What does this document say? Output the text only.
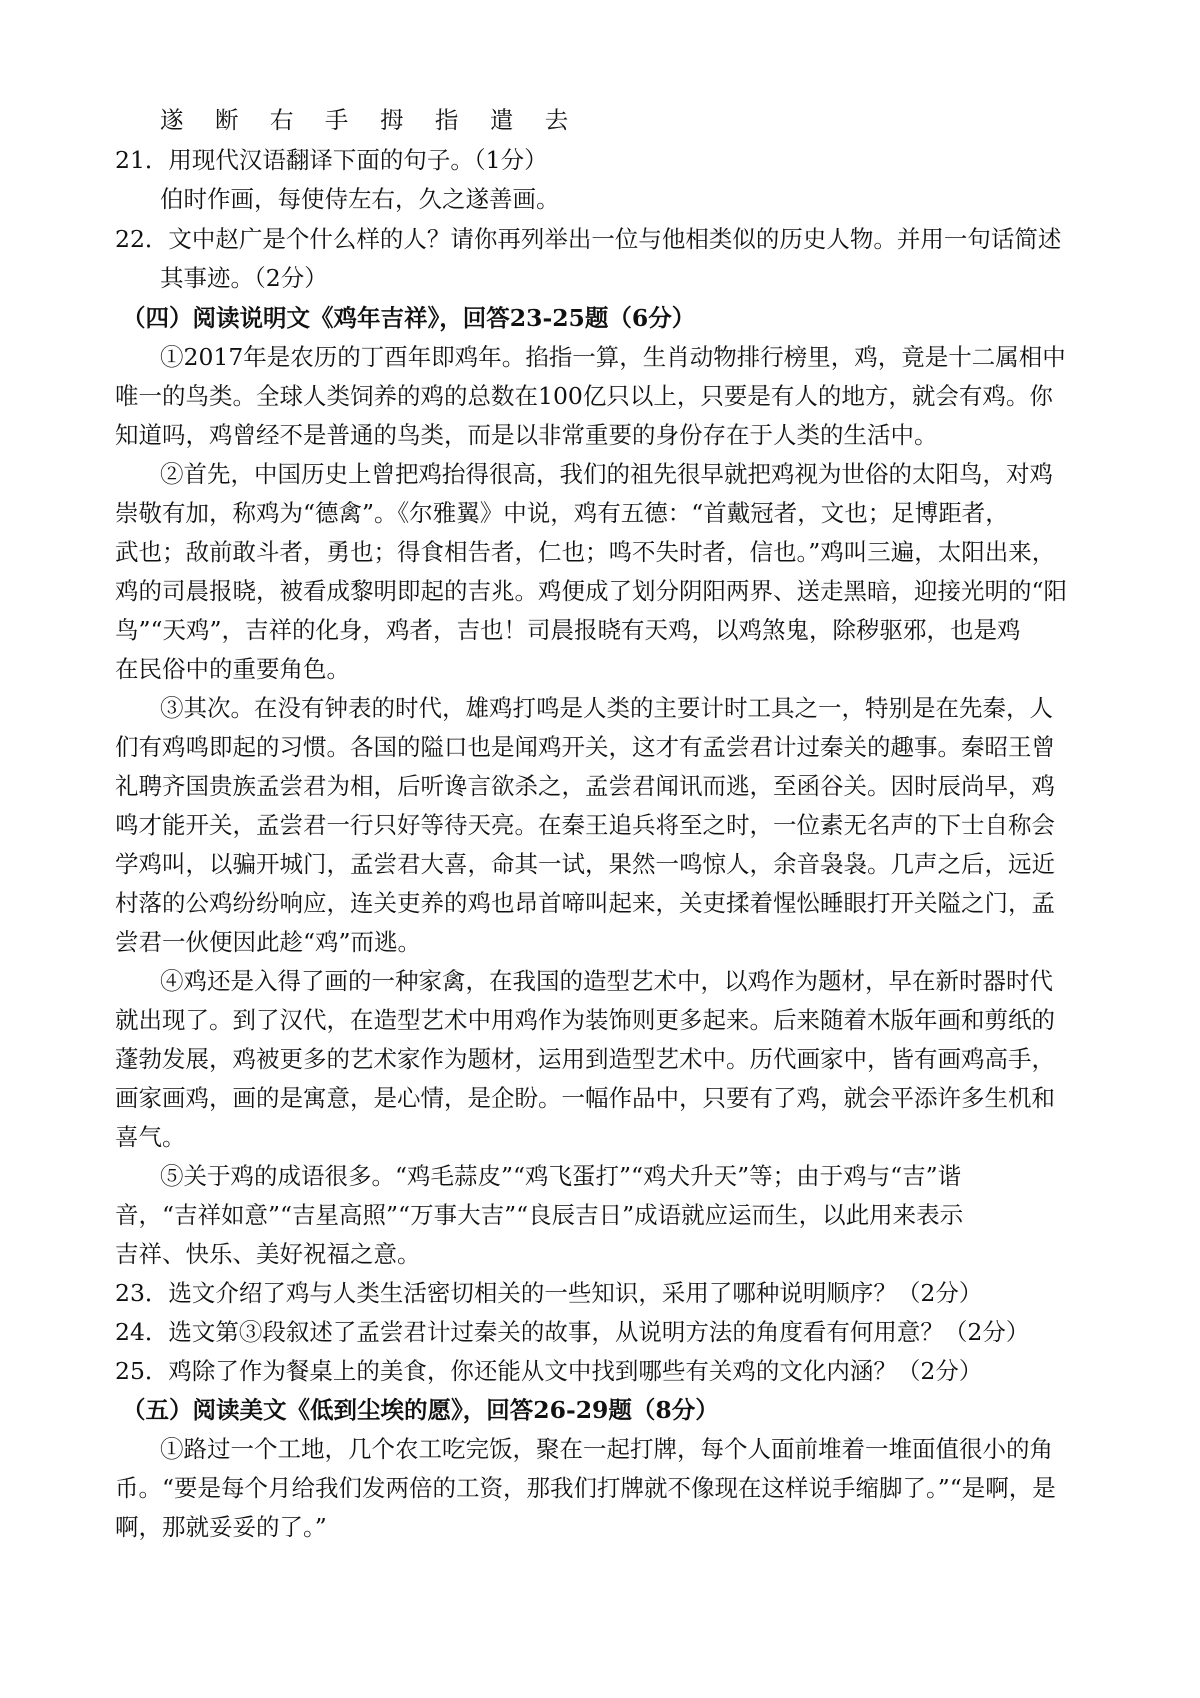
遂 断 右 手 拇 指 遣 去
21．用现代汉语翻译下面的句子。（1分）
伯时作画，每使侍左右，久之遂善画。
22．文中赵广是个什么样的人？请你再列举出一位与他相类似的历史人物。并用一句话简述
其事迹。（2分）
（四）阅读说明文《鸡年吉祥》，回答23-25题（6分）
①2017年是农历的丁酉年即鸡年。掐指一算，生肖动物排行榜里，鸡，竟是十二属相中
唯一的鸟类。全球人类饲养的鸡的总数在100亿只以上，只要是有人的地方，就会有鸡。你
知道吗，鸡曾经不是普通的鸟类，而是以非常重要的身份存在于人类的生活中。
②首先，中国历史上曾把鸡抬得很高，我们的祖先很早就把鸡视为世俗的太阳鸟，对鸡
崇敬有加，称鸡为“德禽”。《尔雅翼》中说，鸡有五德：“首戴冠者，文也；足博距者，
武也；敌前敢斗者，勇也；得食相告者，仁也；鸣不失时者，信也。”鸡叫三遍，太阳出来，
鸡的司晨报晓，被看成黎明即起的吉兆。鸡便成了划分阴阳两界、送走黑暗，迎接光明的“阳
鸟”“天鸡”，吉祥的化身，鸡者，吉也！司晨报晓有天鸡，以鸡煞鬼，除秽驱邪，也是鸡
在民俗中的重要角色。
③其次。在没有钟表的时代，雄鸡打鸣是人类的主要计时工具之一，特别是在先秦，人
们有鸡鸣即起的习惯。各国的隘口也是闻鸡开关，这才有孟尝君计过秦关的趣事。秦昭王曾
礼聘齐国贵族孟尝君为相，后听谗言欲杀之，孟尝君闻讯而逃，至函谷关。因时辰尚早，鸡
鸣才能开关，孟尝君一行只好等待天亮。在秦王追兵将至之时，一位素无名声的下士自称会
学鸡叫，以骗开城门，孟尝君大喜，命其一试，果然一鸣惊人，余音袅袅。几声之后，远近
村落的公鸡纷纷响应，连关吏养的鸡也昂首啼叫起来，关吏揉着惺忪睡眼打开关隘之门，孟
尝君一伙便因此趁“鸡”而逃。
④鸡还是入得了画的一种家禽，在我国的造型艺术中，以鸡作为题材，早在新时器时代
就出现了。到了汉代，在造型艺术中用鸡作为装饰则更多起来。后来随着木版年画和剪纸的
蓬勃发展，鸡被更多的艺术家作为题材，运用到造型艺术中。历代画家中，皆有画鸡高手，
画家画鸡，画的是寓意，是心情，是企盼。一幅作品中，只要有了鸡，就会平添许多生机和
喜气。
⑤关于鸡的成语很多。“鸡毛蒜皮”“鸡飞蛋打”“鸡犬升天”等；由于鸡与“吉”谐
音，“吉祥如意”“吉星高照”“万事大吉”“良辰吉日”成语就应运而生，以此用来表示
吉祥、快乐、美好祝福之意。
23．选文介绍了鸡与人类生活密切相关的一些知识，采用了哪种说明顺序？（2分）
24．选文第③段叙述了孟尝君计过秦关的故事，从说明方法的角度看有何用意？（2分）
25．鸡除了作为餐桌上的美食，你还能从文中找到哪些有关鸡的文化内涵？（2分）
（五）阅读美文《低到尘埃的愿》，回答26-29题（8分）
①路过一个工地，几个农工吃完饭，聚在一起打牌，每个人面前堆着一堆面值很小的角
币。“要是每个月给我们发两倍的工资，那我们打牌就不像现在这样说手缩脚了。”“是啊，是
啊，那就妥妥的了。”
